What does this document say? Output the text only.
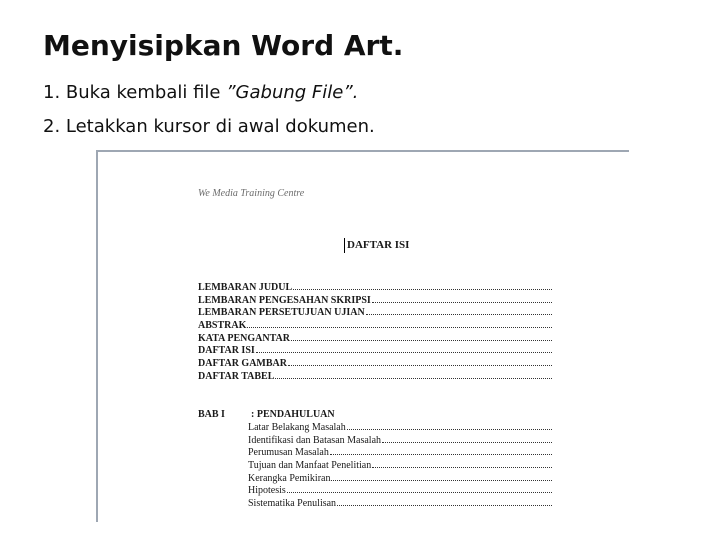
Menyisipkan Word Art.
1. Buka kembali file ”Gabung File”.
2. Letakkan kursor di awal dokumen.
We Media Training Centre
DAFTAR ISI
LEMBARAN JUDUL
LEMBARAN PENGESAHAN SKRIPSI
LEMBARAN PERSETUJUAN UJIAN
ABSTRAK
KATA PENGANTAR
DAFTAR ISI
DAFTAR GAMBAR
DAFTAR TABEL
BAB I	: PENDAHULUAN
Latar Belakang Masalah
Identifikasi dan Batasan Masalah
Perumusan Masalah
Tujuan dan Manfaat Penelitian
Kerangka Pemikiran
Hipotesis
Sistematika Penulisan
